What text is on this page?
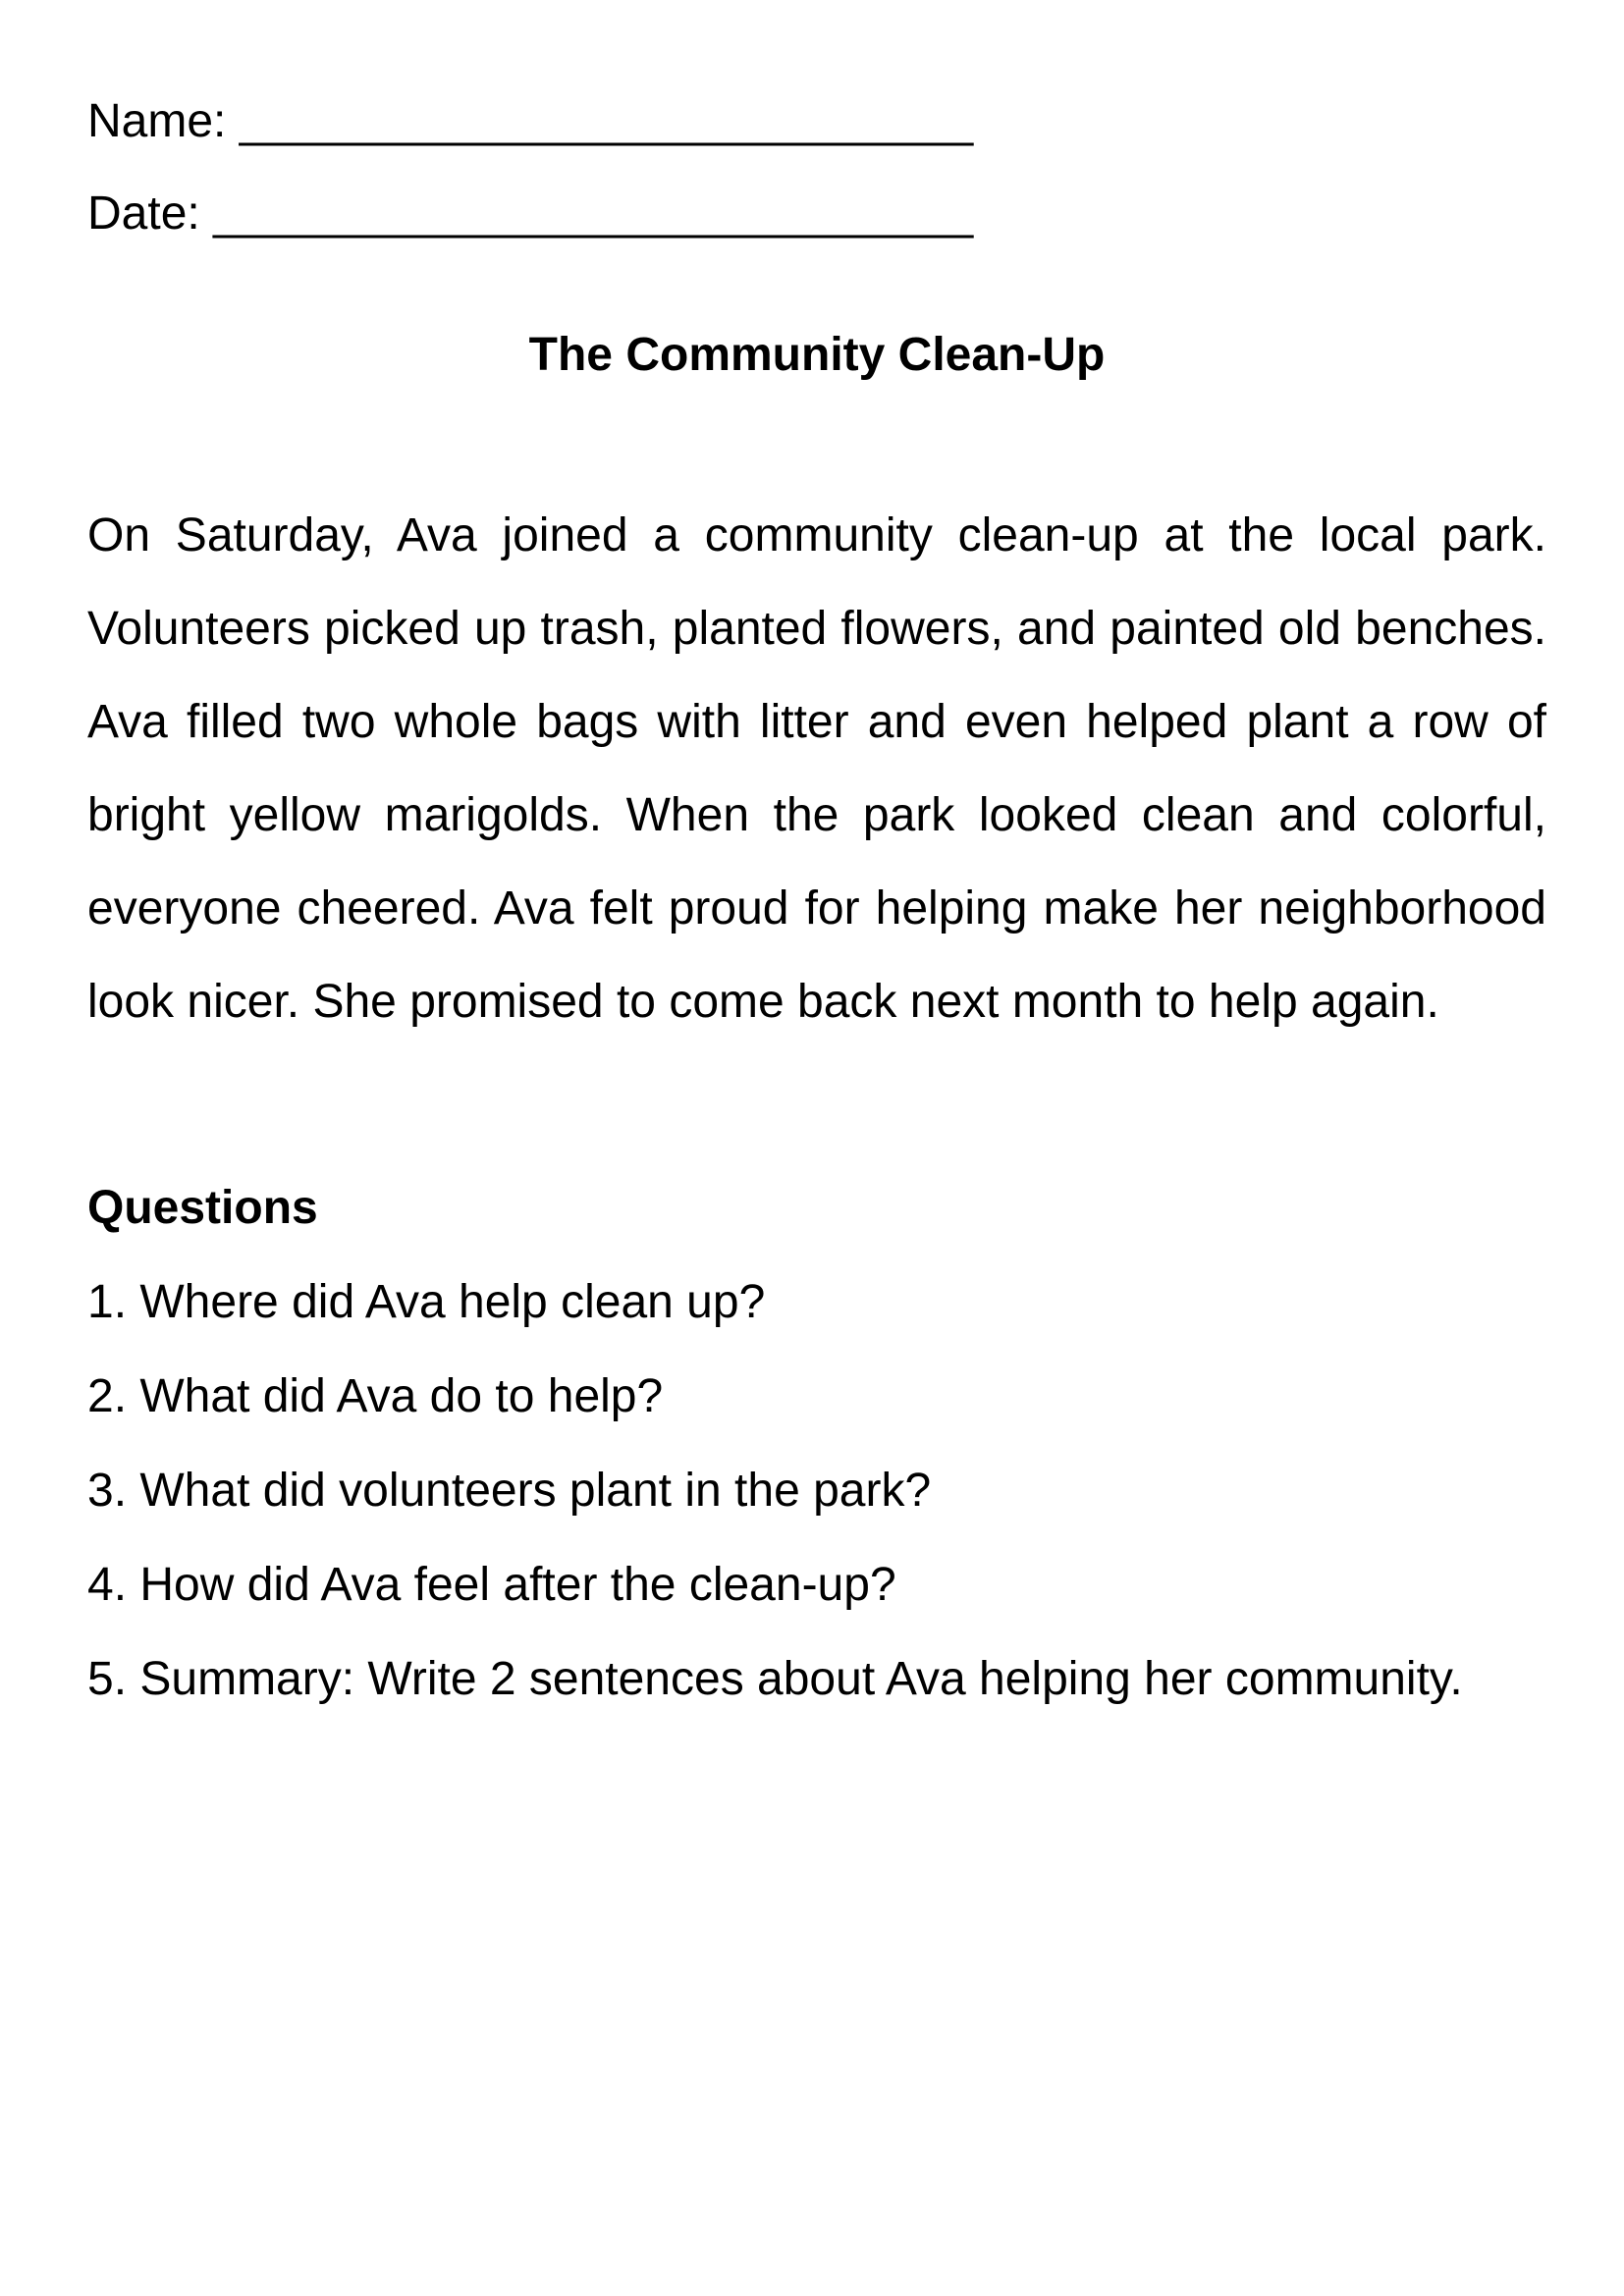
Name: ____________________________
Date: _____________________________
The Community Clean-Up

On Saturday, Ava joined a community clean-up at the local park. Volunteers picked up trash, planted flowers, and painted old benches. Ava filled two whole bags with litter and even helped plant a row of bright yellow marigolds. When the park looked clean and colorful, everyone cheered. Ava felt proud for helping make her neighborhood look nicer. She promised to come back next month to help again.

Questions
1. Where did Ava help clean up?
2. What did Ava do to help?
3. What did volunteers plant in the park?
4. How did Ava feel after the clean-up?
5. Summary: Write 2 sentences about Ava helping her community.
